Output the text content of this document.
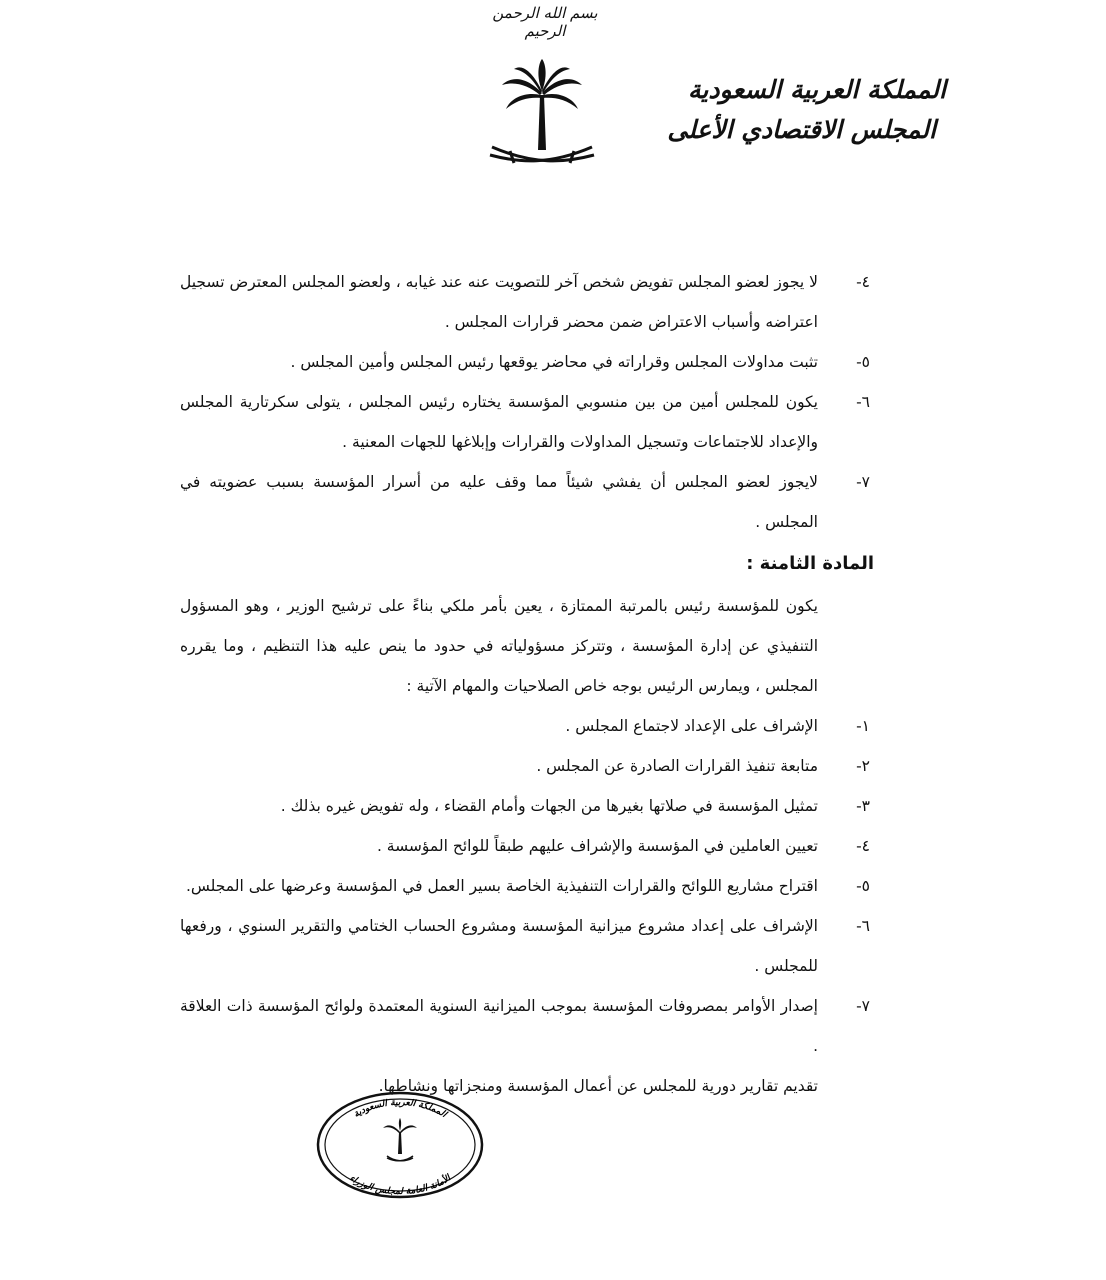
بسم الله الرحمن الرحيم
المملكة العربية السعودية
المجلس الاقتصادي الأعلى
٤-
لا يجوز لعضو المجلس تفويض شخص آخر للتصويت عنه عند غيابه ، ولعضو المجلس المعترض تسجيل اعتراضه وأسباب الاعتراض ضمن محضر قرارات المجلس .
٥-
تثبت مداولات المجلس وقراراته في محاضر يوقعها رئيس المجلس وأمين المجلس .
٦-
يكون للمجلس أمين من بين منسوبي المؤسسة يختاره رئيس المجلس ، يتولى سكرتارية المجلس والإعداد للاجتماعات وتسجيل المداولات والقرارات وإبلاغها للجهات المعنية .
٧-
لايجوز لعضو المجلس أن يفشي شيئاً مما وقف عليه من أسرار المؤسسة بسبب عضويته في المجلس .
المادة الثامنة :
يكون للمؤسسة رئيس بالمرتبة الممتازة ، يعين بأمر ملكي بناءً على ترشيح الوزير ، وهو المسؤول التنفيذي عن إدارة المؤسسة ، وتتركز مسؤولياته في حدود ما ينص عليه هذا التنظيم ، وما يقرره المجلس ، ويمارس الرئيس بوجه خاص الصلاحيات والمهام الآتية :
١-
الإشراف على الإعداد لاجتماع المجلس .
٢-
متابعة تنفيذ القرارات الصادرة عن المجلس .
٣-
تمثيل المؤسسة في صلاتها بغيرها من الجهات وأمام القضاء ، وله تفويض غيره بذلك .
٤-
تعيين العاملين في المؤسسة والإشراف عليهم طبقاً للوائح المؤسسة .
٥-
اقتراح مشاريع اللوائح والقرارات التنفيذية الخاصة بسير العمل في المؤسسة وعرضها على المجلس.
٦-
الإشراف على إعداد مشروع ميزانية المؤسسة ومشروع الحساب الختامي والتقرير السنوي ، ورفعها للمجلس .
٧-
إصدار الأوامر بمصروفات المؤسسة بموجب الميزانية السنوية المعتمدة ولوائح المؤسسة ذات العلاقة .
تقديم تقارير دورية للمجلس عن أعمال المؤسسة ومنجزاتها ونشاطها.
المملكة العربية السعودية
الأمانة العامة لمجلس الوزراء
